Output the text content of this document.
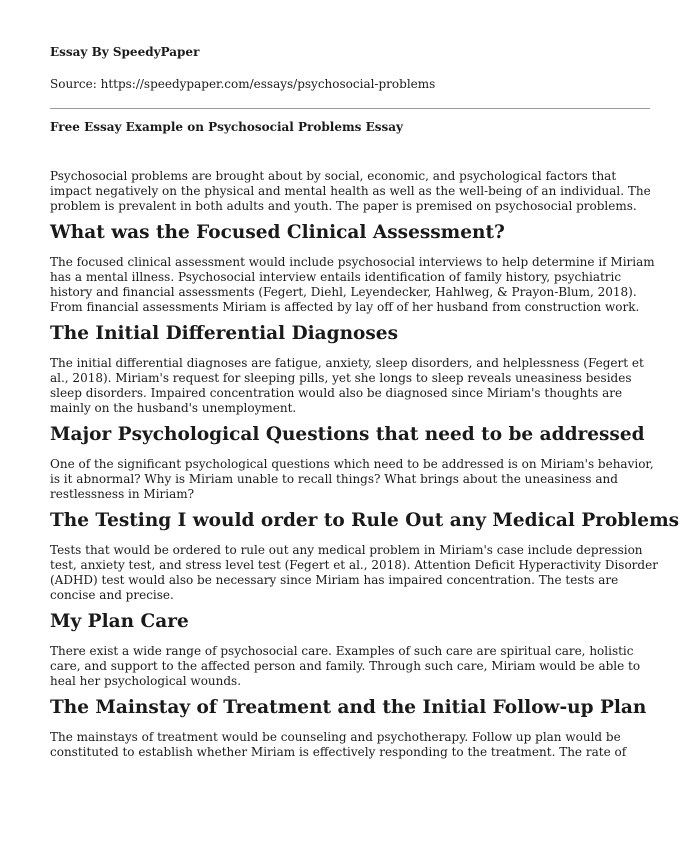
Essay By SpeedyPaper

Source: https://speedypaper.com/essays/psychosocial-problems

Free Essay Example on Psychosocial Problems Essay

Psychosocial problems are brought about by social, economic, and psychological factors that impact negatively on the physical and mental health as well as the well-being of an individual. The problem is prevalent in both adults and youth. The paper is premised on psychosocial problems.

What was the Focused Clinical Assessment?

The focused clinical assessment would include psychosocial interviews to help determine if Miriam has a mental illness. Psychosocial interview entails identification of family history, psychiatric history and financial assessments (Fegert, Diehl, Leyendecker, Hahlweg, & Prayon-Blum, 2018). From financial assessments Miriam is affected by lay off of her husband from construction work.

The Initial Differential Diagnoses

The initial differential diagnoses are fatigue, anxiety, sleep disorders, and helplessness (Fegert et al., 2018). Miriam's request for sleeping pills, yet she longs to sleep reveals uneasiness besides sleep disorders. Impaired concentration would also be diagnosed since Miriam's thoughts are mainly on the husband's unemployment.

Major Psychological Questions that need to be addressed

One of the significant psychological questions which need to be addressed is on Miriam's behavior, is it abnormal? Why is Miriam unable to recall things? What brings about the uneasiness and restlessness in Miriam?

The Testing I would order to Rule Out any Medical Problems

Tests that would be ordered to rule out any medical problem in Miriam's case include depression test, anxiety test, and stress level test (Fegert et al., 2018). Attention Deficit Hyperactivity Disorder (ADHD) test would also be necessary since Miriam has impaired concentration. The tests are concise and precise.

My Plan Care

There exist a wide range of psychosocial care. Examples of such care are spiritual care, holistic care, and support to the affected person and family. Through such care, Miriam would be able to heal her psychological wounds.

The Mainstay of Treatment and the Initial Follow-up Plan

The mainstays of treatment would be counseling and psychotherapy. Follow up plan would be constituted to establish whether Miriam is effectively responding to the treatment. The rate of
